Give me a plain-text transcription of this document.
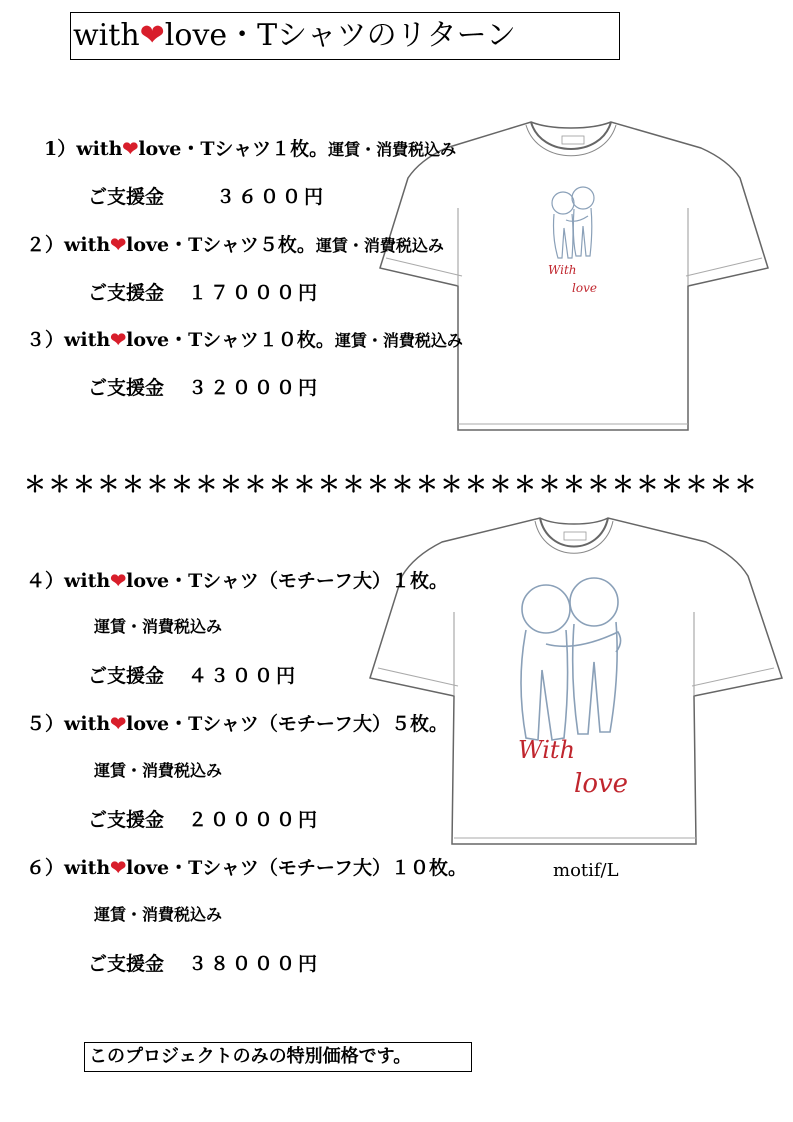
with❤love・Tシャツのリターン
With
love
With
love
motif/L
1）with❤love・Tシャツ１枚。運賃・消費税込み
ご支援金	３６００円
２）with❤love・Tシャツ５枚。運賃・消費税込み
ご支援金 １７０００円
３）with❤love・Tシャツ１０枚。運賃・消費税込み
ご支援金 ３２０００円
＊＊＊＊＊＊＊＊＊＊＊＊＊＊＊＊＊＊＊＊＊＊＊＊＊＊＊＊＊＊
４）with❤love・Tシャツ（モチーフ大）１枚。
運賃・消費税込み
ご支援金 ４３００円
５）with❤love・Tシャツ（モチーフ大）５枚。
運賃・消費税込み
ご支援金 ２００００円
６）with❤love・Tシャツ（モチーフ大）１０枚。
運賃・消費税込み
ご支援金 ３８０００円
このプロジェクトのみの特別価格です。
